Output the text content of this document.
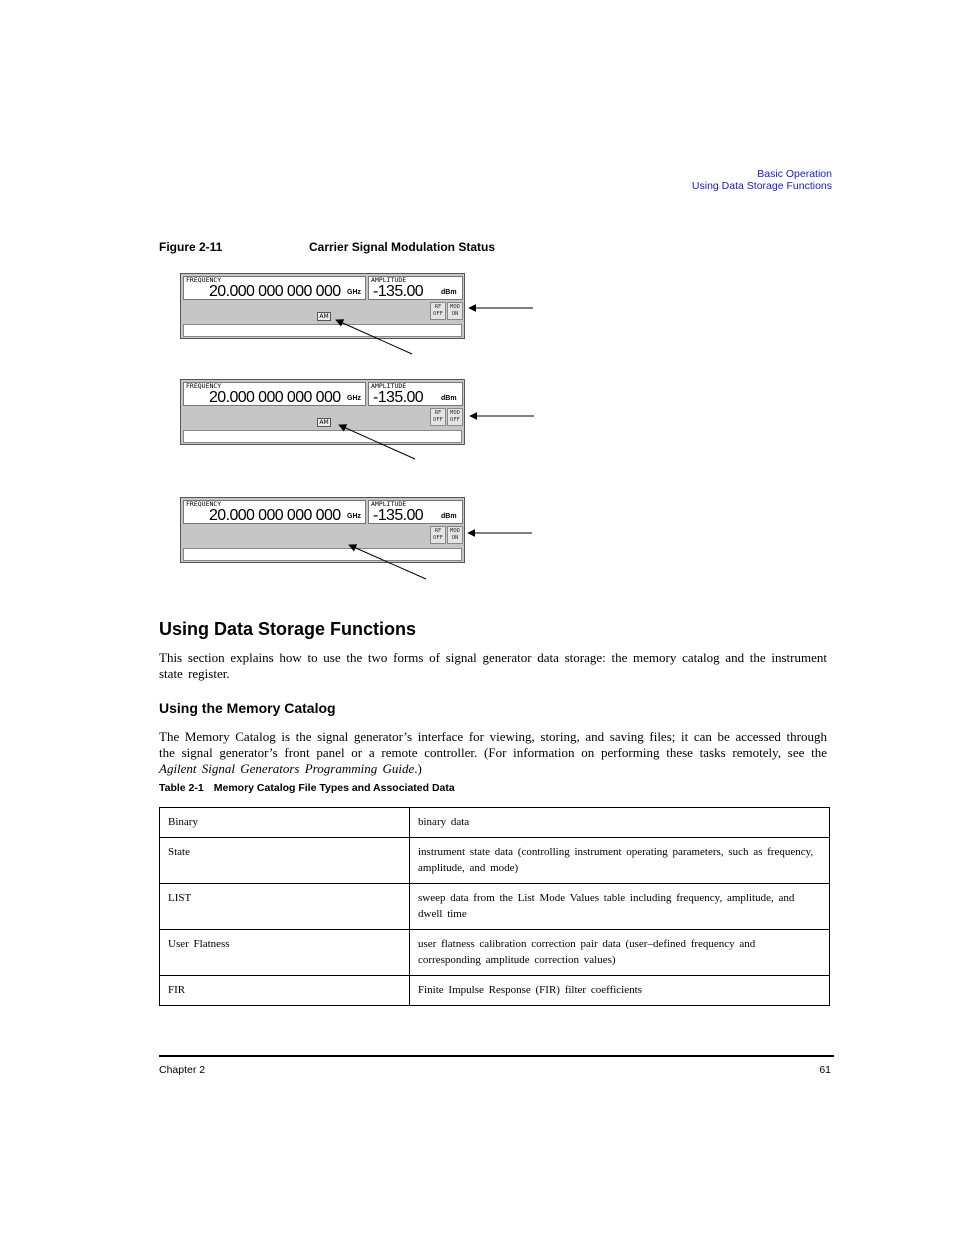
Basic Operation
Using Data Storage Functions
Figure 2-11	Carrier Signal Modulation Status
FREQUENCY
20.000 000 000 000 GHz
AMPLITUDE
-135.00	dBm
RF
OFF
MOD
ON
AM
FREQUENCY
20.000 000 000 000 GHz
AMPLITUDE
-135.00	dBm
RF
OFF
MOD
OFF
AM
FREQUENCY
20.000 000 000 000 GHz
AMPLITUDE
-135.00	dBm
RF
OFF
MOD
ON
Using Data Storage Functions
This section explains how to use the two forms of signal generator data storage: the memory catalog and the instrument state register.
Using the Memory Catalog
The Memory Catalog is the signal generator’s interface for viewing, storing, and saving files; it can be accessed through the signal generator’s front panel or a remote controller. (For information on performing these tasks remotely, see the Agilent Signal Generators Programming Guide.)
Table 2-1 Memory Catalog File Types and Associated Data
Binary	binary data
State	instrument state data (controlling instrument operating parameters, such as frequency, amplitude, and mode)
LIST	sweep data from the List Mode Values table including frequency, amplitude, and dwell time
User Flatness	user flatness calibration correction pair data (user–defined frequency and corresponding amplitude correction values)
FIR	Finite Impulse Response (FIR) filter coefficients
Chapter 2	61
